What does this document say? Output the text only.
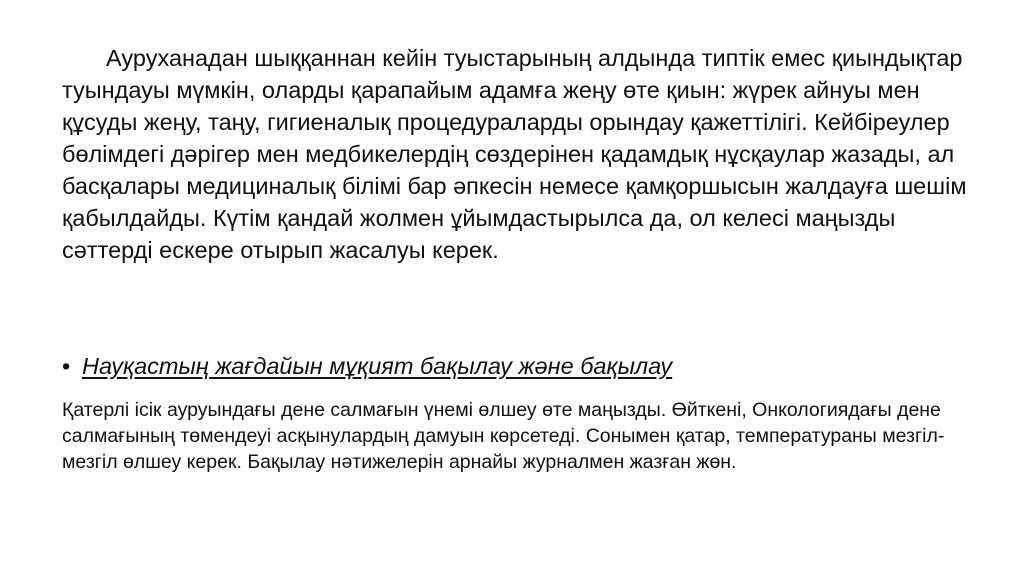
Ауруханадан шыққаннан кейін туыстарының алдында типтік емес қиындықтар туындауы мүмкін, оларды қарапайым адамға жеңу өте қиын: жүрек айнуы мен құсуды жеңу, таңу, гигиеналық процедураларды орындау қажеттілігі. Кейбіреулер бөлімдегі дәрігер мен медбикелердің сөздерінен қадамдық нұсқаулар жазады, ал басқалары медициналық білімі бар әпкесін немесе қамқоршысын жалдауға шешім қабылдайды. Күтім қандай жолмен ұйымдастырылса да, ол келесі маңызды сәттерді ескере отырып жасалуы керек.

• Науқастың жағдайын мұқият бақылау және бақылау

Қатерлі ісік ауруындағы дене салмағын үнемі өлшеу өте маңызды. Өйткені, Онкологиядағы дене салмағының төмендеуі асқынулардың дамуын көрсетеді. Сонымен қатар, температураны мезгіл-мезгіл өлшеу керек. Бақылау нәтижелерін арнайы журналмен жазған жөн.
